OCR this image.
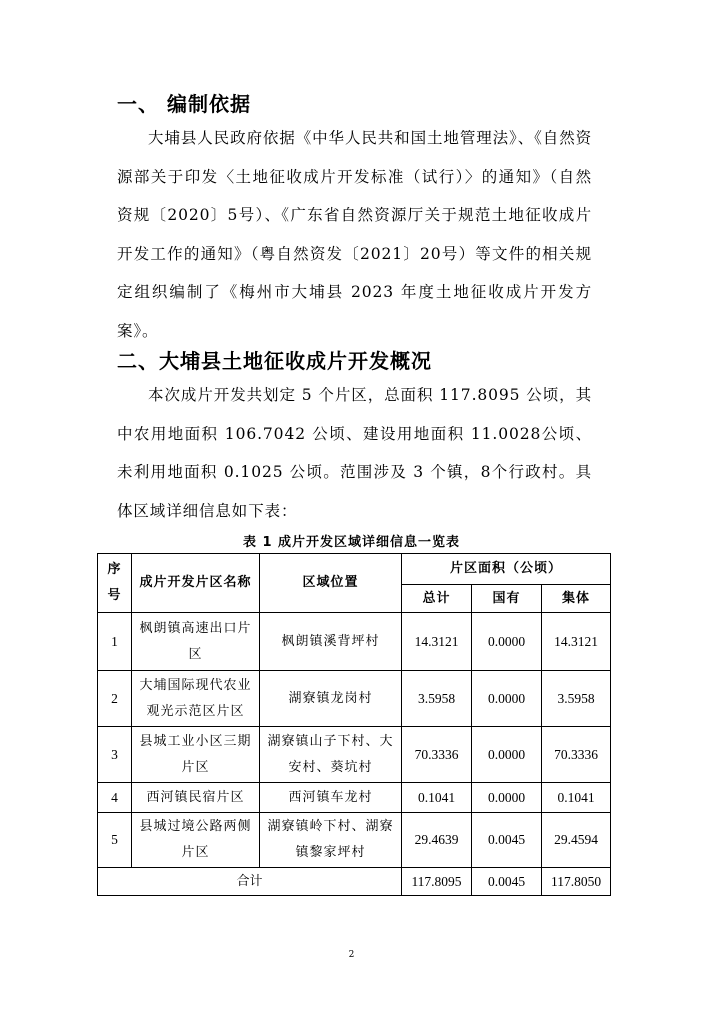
一、 编制依据
大埔县人民政府依据《中华人民共和国土地管理法》、《自然资源部关于印发〈土地征收成片开发标准（试行）〉的通知》（自然资规〔2020〕5号）、《广东省自然资源厅关于规范土地征收成片开发工作的通知》（粤自然资发〔2021〕20号）等文件的相关规定组织编制了《梅州市大埔县 2023 年度土地征收成片开发方案》。
二、大埔县土地征收成片开发概况
本次成片开发共划定 5 个片区，总面积 117.8095 公顷，其中农用地面积 106.7042 公顷、建设用地面积 11.0028公顷、未利用地面积 0.1025 公顷。范围涉及 3 个镇，8个行政村。具体区域详细信息如下表：
表 1 成片开发区域详细信息一览表
序号	成片开发片区名称	区域位置	片区面积（公顷）		
			总计	国有	集体
1	枫朗镇高速出口片区	枫朗镇溪背坪村	14.3121	0.0000	14.3121
2	大埔国际现代农业观光示范区片区	湖寮镇龙岗村	3.5958	0.0000	3.5958
3	县城工业小区三期片区	湖寮镇山子下村、大安村、葵坑村	70.3336	0.0000	70.3336
4	西河镇民宿片区	西河镇车龙村	0.1041	0.0000	0.1041
5	县城过境公路两侧片区	湖寮镇岭下村、湖寮镇黎家坪村	29.4639	0.0045	29.4594
合计			117.8095	0.0045	117.8050
2
